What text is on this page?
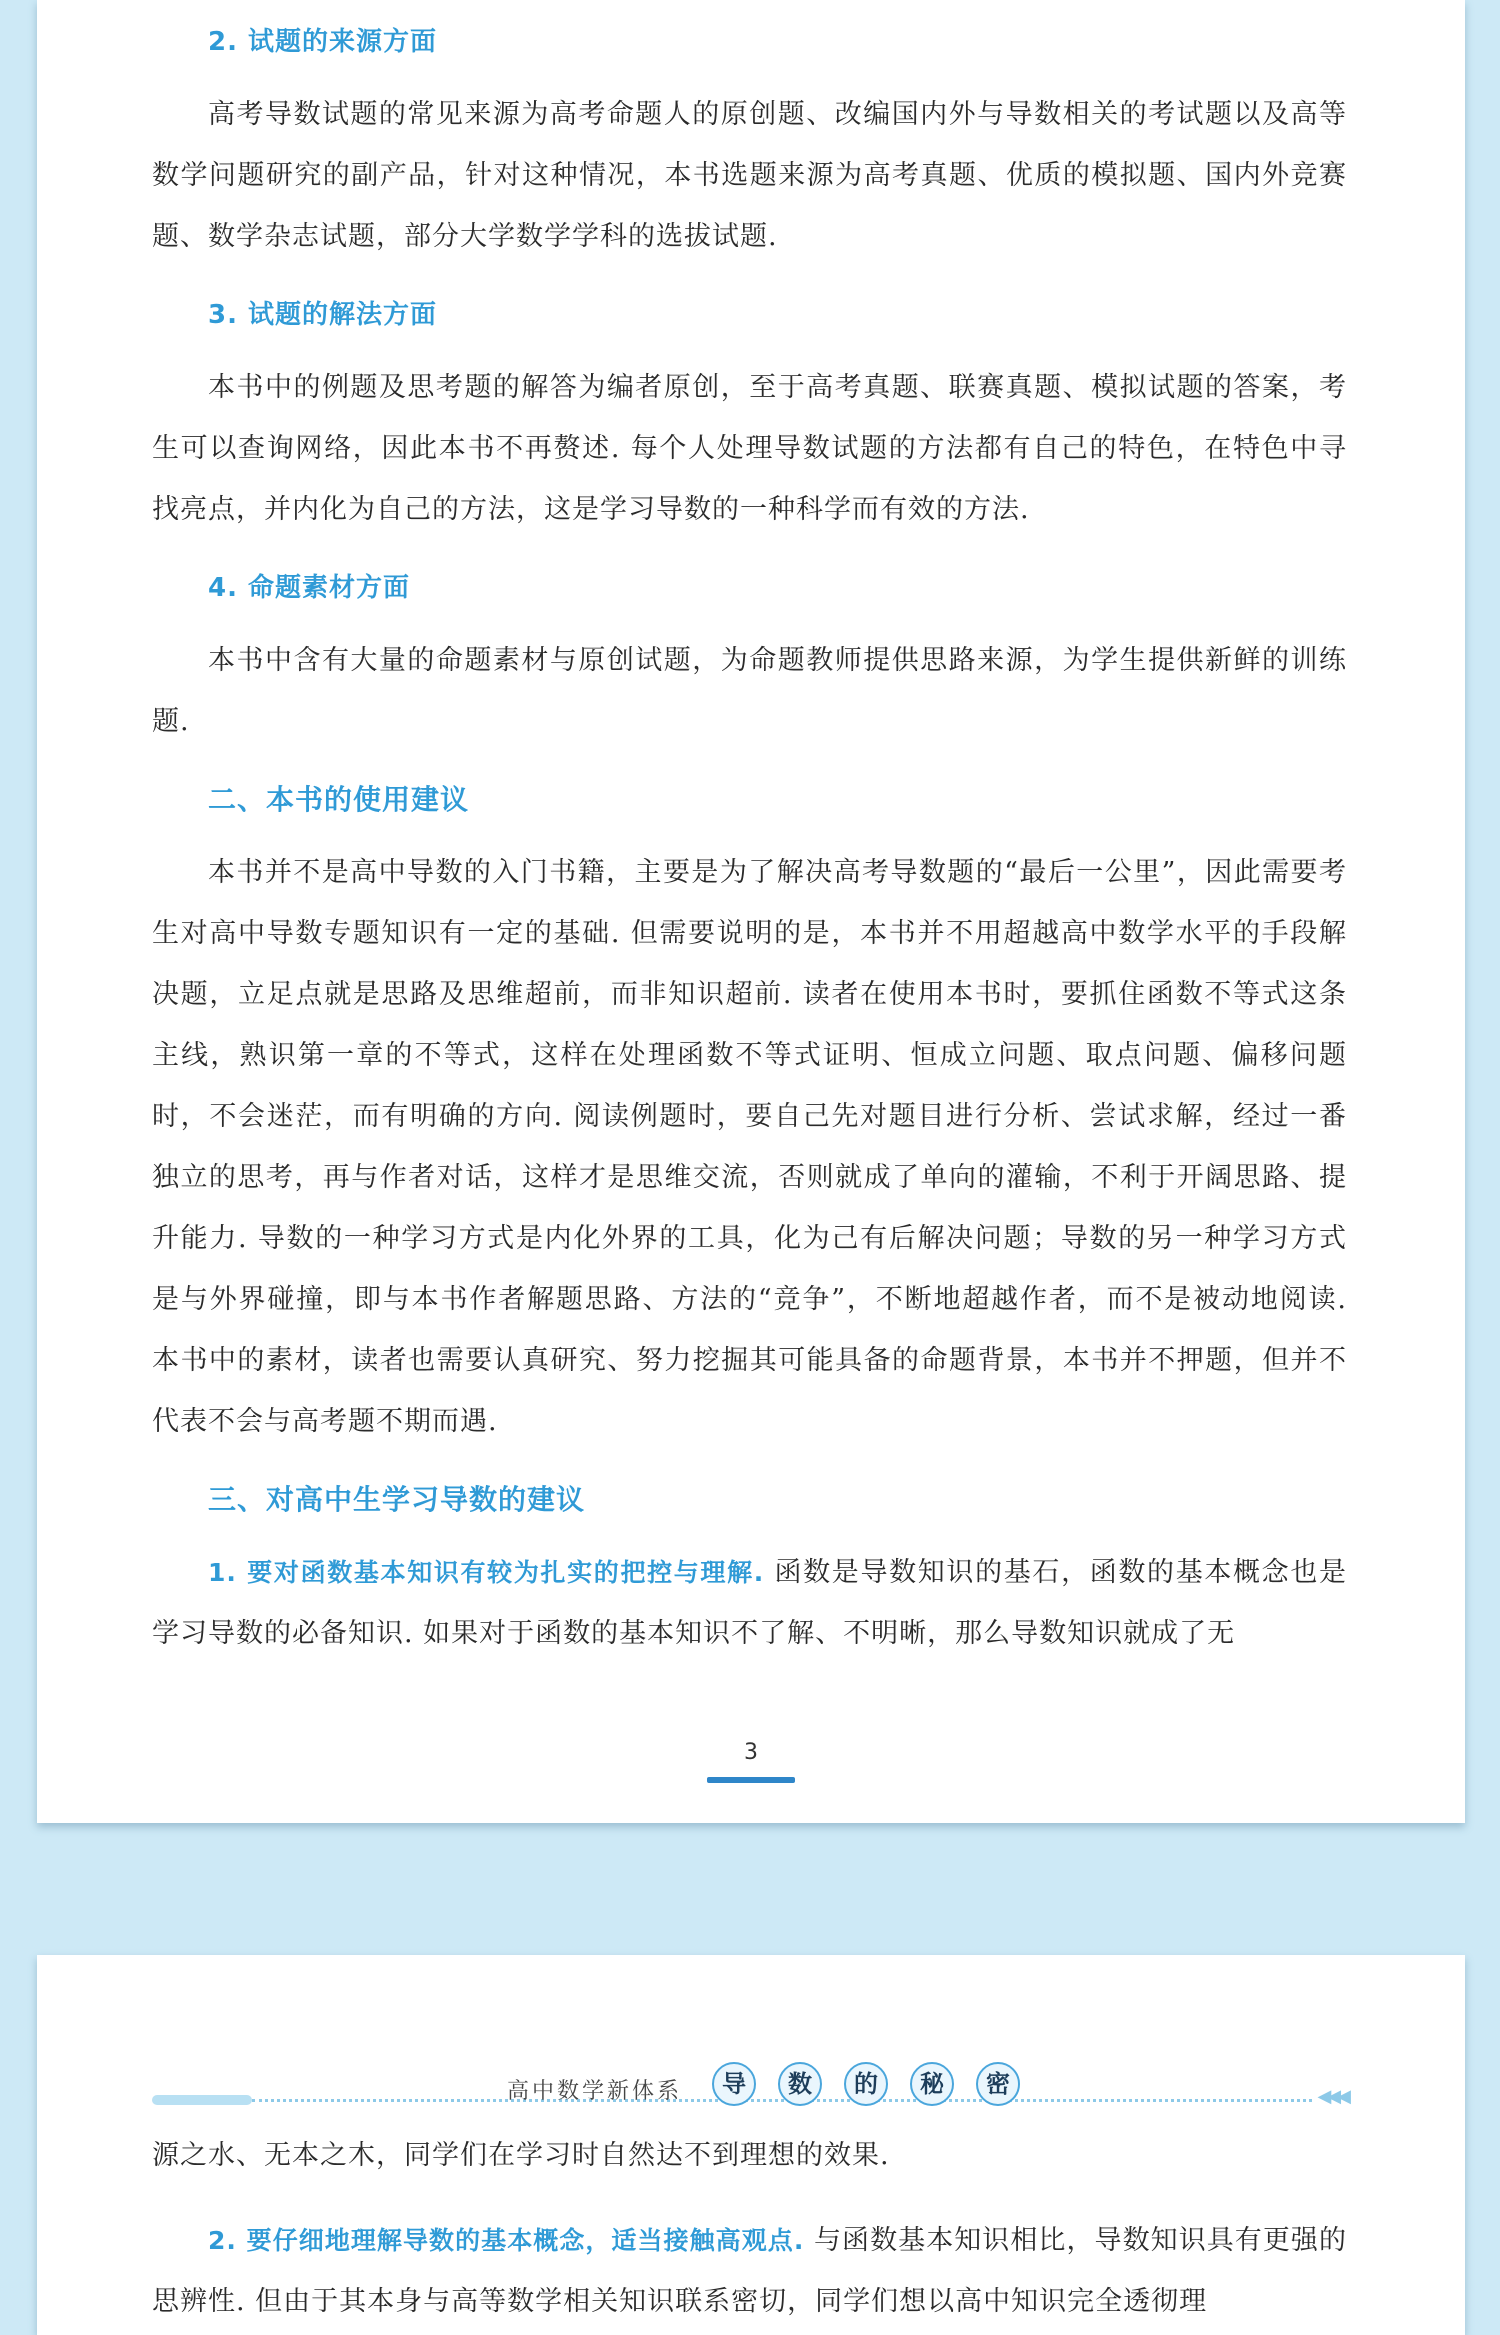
2. 试题的来源方面

高考导数试题的常见来源为高考命题人的原创题、改编国内外与导数相关的考试题以及高等数学问题研究的副产品，针对这种情况，本书选题来源为高考真题、优质的模拟题、国内外竞赛题、数学杂志试题，部分大学数学学科的选拔试题.

3. 试题的解法方面

本书中的例题及思考题的解答为编者原创，至于高考真题、联赛真题、模拟试题的答案，考生可以查询网络，因此本书不再赘述. 每个人处理导数试题的方法都有自己的特色，在特色中寻找亮点，并内化为自己的方法，这是学习导数的一种科学而有效的方法.

4. 命题素材方面

本书中含有大量的命题素材与原创试题，为命题教师提供思路来源，为学生提供新鲜的训练题.

二、本书的使用建议

本书并不是高中导数的入门书籍，主要是为了解决高考导数题的“最后一公里”，因此需要考生对高中导数专题知识有一定的基础. 但需要说明的是，本书并不用超越高中数学水平的手段解决题，立足点就是思路及思维超前，而非知识超前. 读者在使用本书时，要抓住函数不等式这条主线，熟识第一章的不等式，这样在处理函数不等式证明、恒成立问题、取点问题、偏移问题时，不会迷茫，而有明确的方向. 阅读例题时，要自己先对题目进行分析、尝试求解，经过一番独立的思考，再与作者对话，这样才是思维交流，否则就成了单向的灌输，不利于开阔思路、提升能力. 导数的一种学习方式是内化外界的工具，化为己有后解决问题；导数的另一种学习方式是与外界碰撞，即与本书作者解题思路、方法的“竞争”，不断地超越作者，而不是被动地阅读. 本书中的素材，读者也需要认真研究、努力挖掘其可能具备的命题背景，本书并不押题，但并不代表不会与高考题不期而遇.

三、对高中生学习导数的建议

1. 要对函数基本知识有较为扎实的把控与理解. 函数是导数知识的基石，函数的基本概念也是学习导数的必备知识. 如果对于函数的基本知识不了解、不明晰，那么导数知识就成了无

3
◀◀◀
高中数学新体系	导	数	的	秘	密

源之水、无本之木，同学们在学习时自然达不到理想的效果.

2. 要仔细地理解导数的基本概念，适当接触高观点. 与函数基本知识相比，导数知识具有更强的思辨性. 但由于其本身与高等数学相关知识联系密切，同学们想以高中知识完全透彻理
